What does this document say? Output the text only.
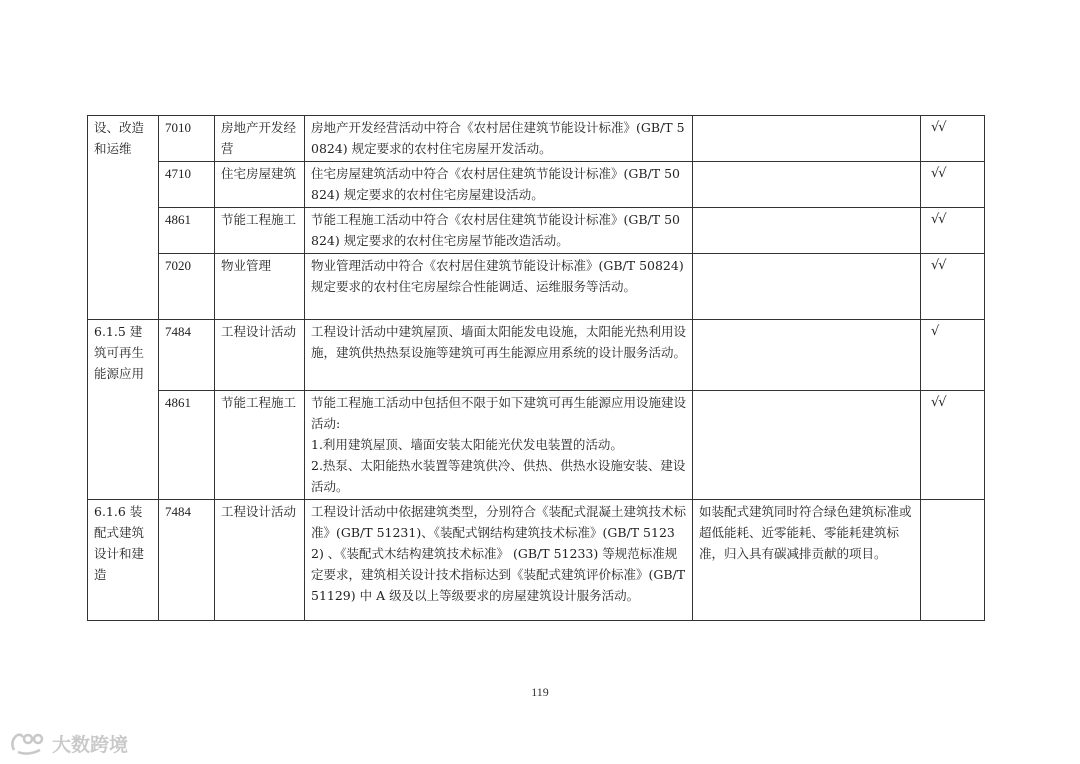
设、改造和运维	7010	房地产开发经营	房地产开发经营活动中符合《农村居住建筑节能设计标准》(GB/T 50824) 规定要求的农村住宅房屋开发活动。		√√
	4710	住宅房屋建筑	住宅房屋建筑活动中符合《农村居住建筑节能设计标准》(GB/T 50824) 规定要求的农村住宅房屋建设活动。		√√
	4861	节能工程施工	节能工程施工活动中符合《农村居住建筑节能设计标准》(GB/T 50824) 规定要求的农村住宅房屋节能改造活动。		√√
	7020	物业管理	物业管理活动中符合《农村居住建筑节能设计标准》(GB/T 50824) 规定要求的农村住宅房屋综合性能调适、运维服务等活动。		√√
6.1.5 建筑可再生能源应用	7484	工程设计活动	工程设计活动中建筑屋顶、墙面太阳能发电设施，太阳能光热利用设施，建筑供热热泵设施等建筑可再生能源应用系统的设计服务活动。		√
	4861	节能工程施工	节能工程施工活动中包括但不限于如下建筑可再生能源应用设施建设活动:
1.利用建筑屋顶、墙面安装太阳能光伏发电装置的活动。
2.热泵、太阳能热水装置等建筑供冷、供热、供热水设施安装、建设活动。		√√
6.1.6 装配式建筑设计和建造	7484	工程设计活动	工程设计活动中依据建筑类型，分别符合《装配式混凝土建筑技术标准》(GB/T 51231)、《装配式钢结构建筑技术标准》(GB/T 51232) 、《装配式木结构建筑技术标准》 (GB/T 51233) 等规范标准规定要求，建筑相关设计技术指标达到《装配式建筑评价标准》(GB/T 51129) 中 A 级及以上等级要求的房屋建筑设计服务活动。	如装配式建筑同时符合绿色建筑标准或超低能耗、近零能耗、零能耗建筑标准，归入具有碳减排贡献的项目。	
119
大数跨境
